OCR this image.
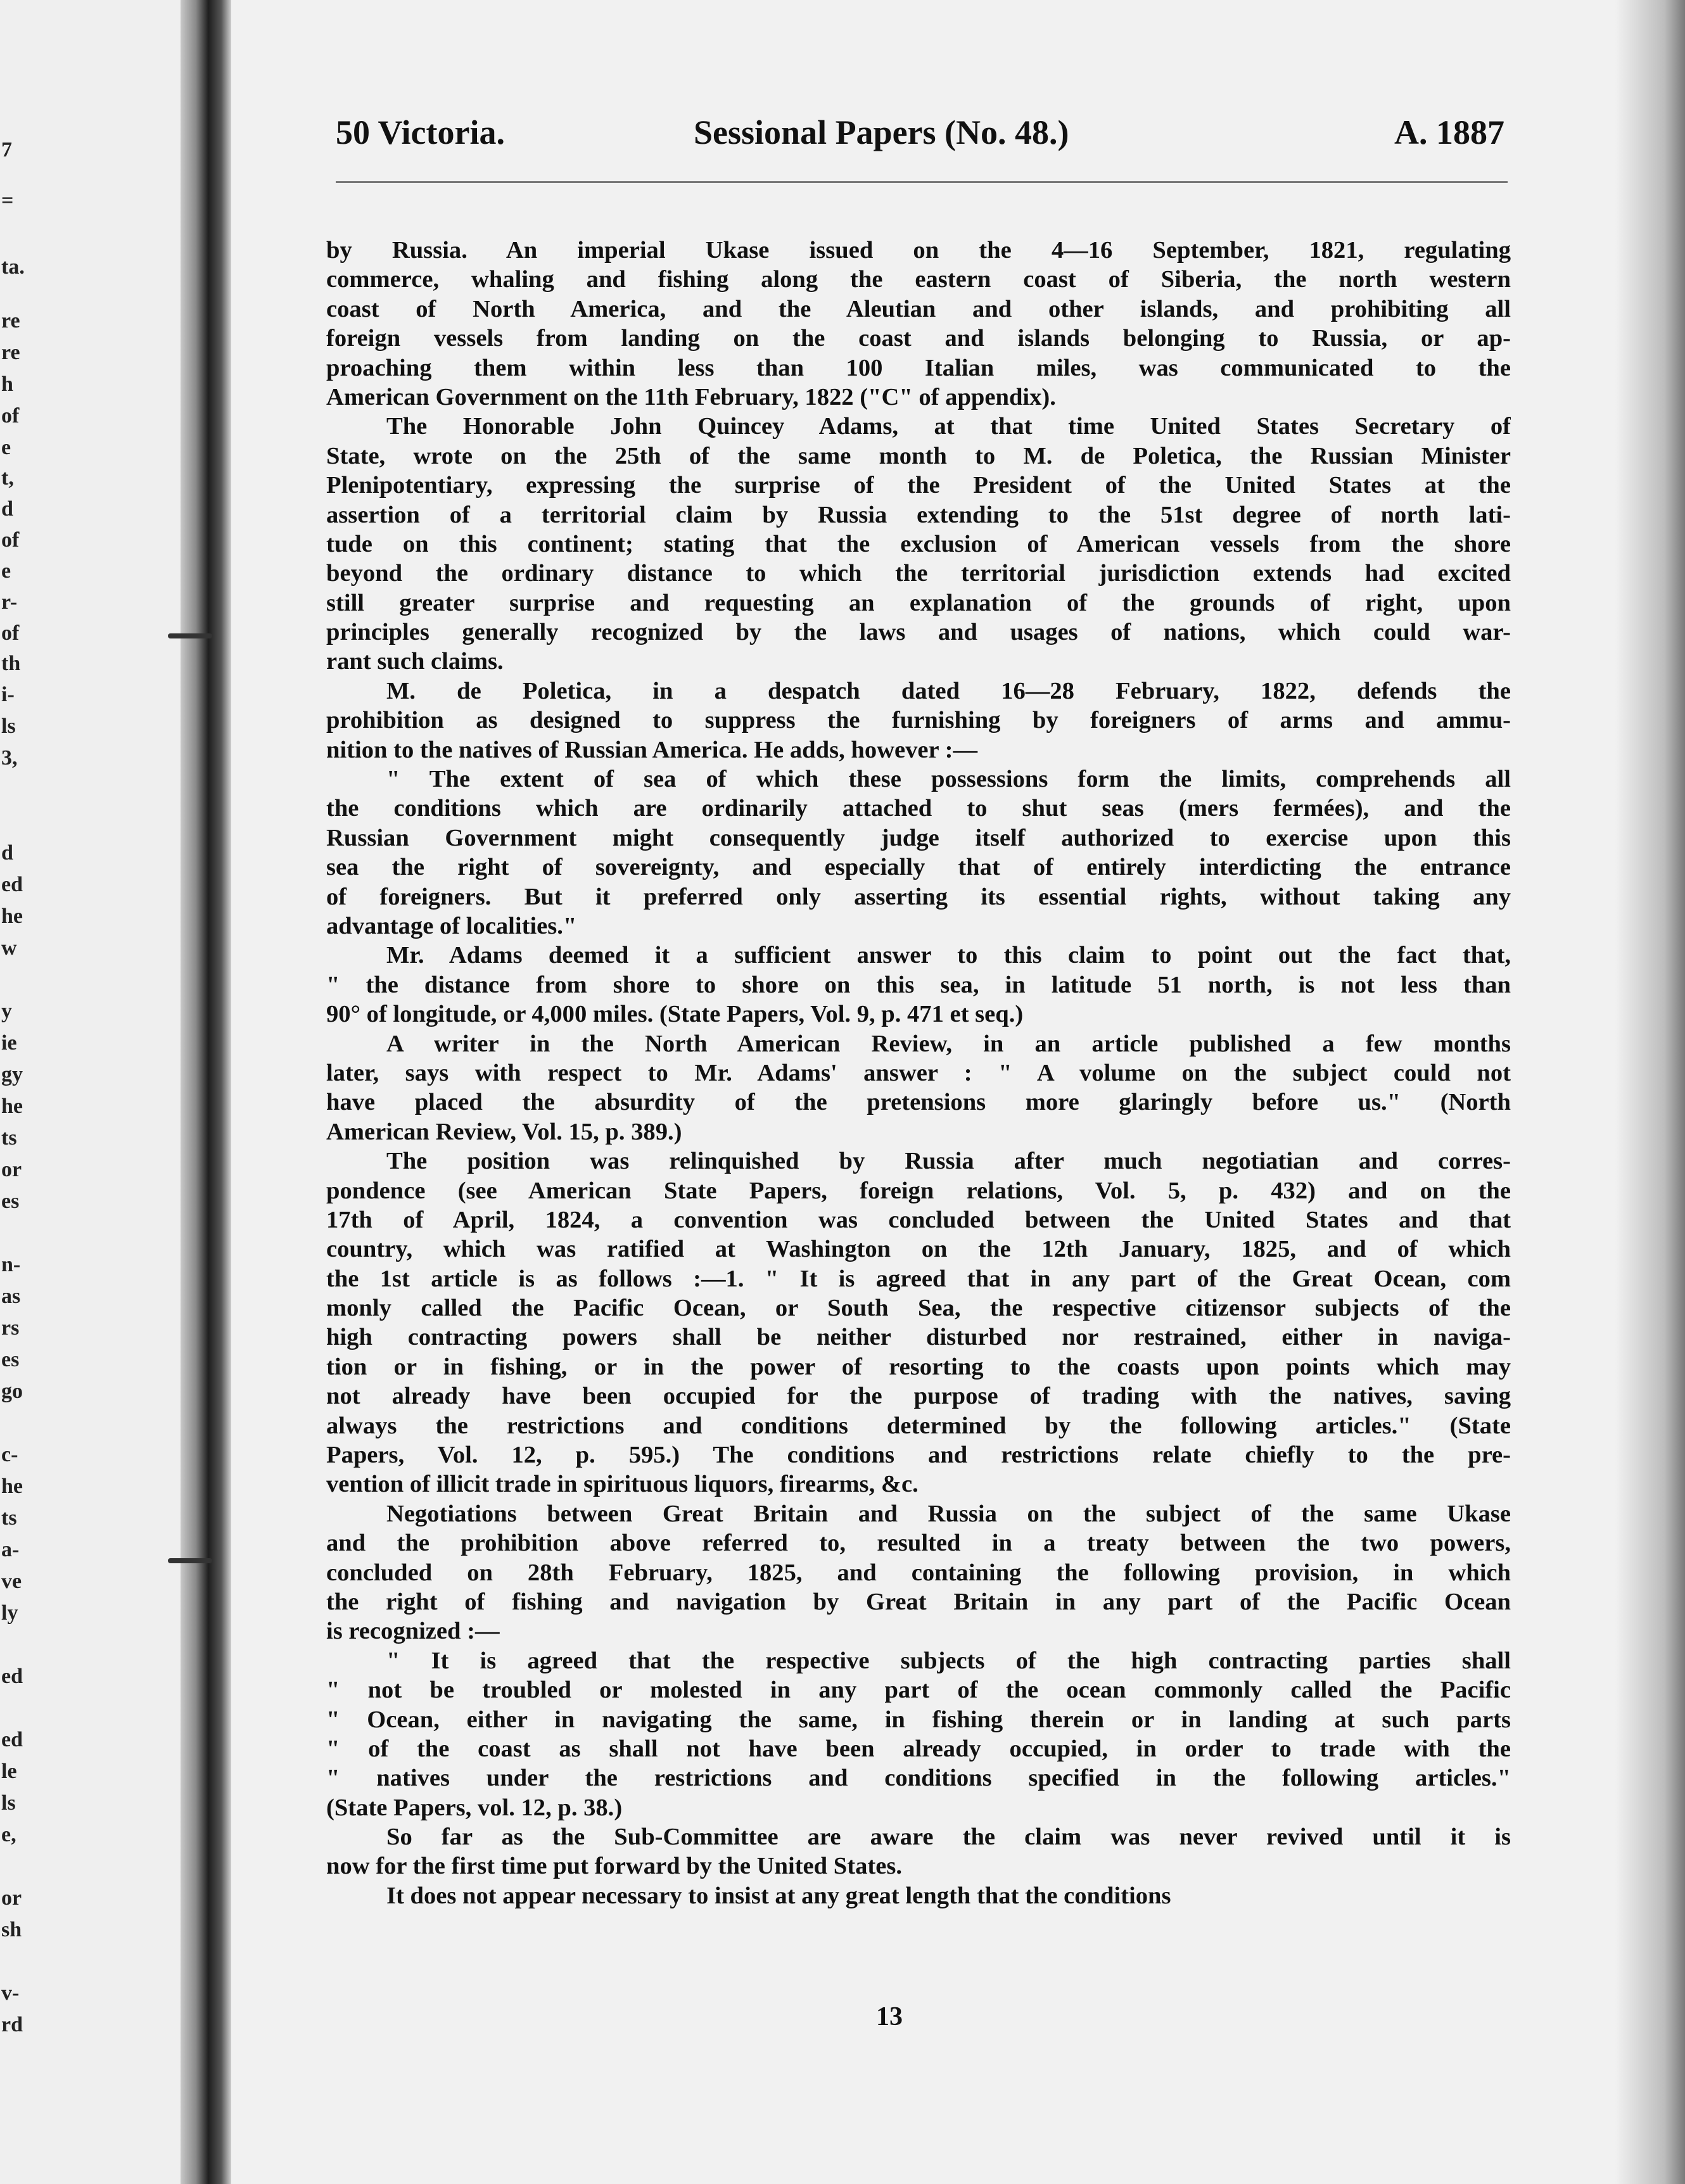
7
=
ta.
re
re
h
of
e
t,
d
of
e
r-
of
th
i-
ls
3,
d
ed
he
w
y
ie
gy
he
ts
or
es
n-
as
rs
es
go
c-
he
ts
a-
ve
ly
ed
ed
le
ls
e,
or
sh
v-
rd
50 Victoria.	Sessional Papers (No. 48.)	A. 1887
by Russia. An imperial Ukase issued on the 4—16 September, 1821, regulating
commerce, whaling and fishing along the eastern coast of Siberia, the north western
coast of North America, and the Aleutian and other islands, and prohibiting all
foreign vessels from landing on the coast and islands belonging to Russia, or ap-
proaching them within less than 100 Italian miles, was communicated to the
American Government on the 11th February, 1822 ("C" of appendix).
The Honorable John Quincey Adams, at that time United States Secretary of
State, wrote on the 25th of the same month to M. de Poletica, the Russian Minister
Plenipotentiary, expressing the surprise of the President of the United States at the
assertion of a territorial claim by Russia extending to the 51st degree of north lati-
tude on this continent; stating that the exclusion of American vessels from the shore
beyond the ordinary distance to which the territorial jurisdiction extends had excited
still greater surprise and requesting an explanation of the grounds of right, upon
principles generally recognized by the laws and usages of nations, which could war-
rant such claims.
M. de Poletica, in a despatch dated 16—28 February, 1822, defends the
prohibition as designed to suppress the furnishing by foreigners of arms and ammu-
nition to the natives of Russian America. He adds, however :—
" The extent of sea of which these possessions form the limits, comprehends all
the conditions which are ordinarily attached to shut seas (mers fermées), and the
Russian Government might consequently judge itself authorized to exercise upon this
sea the right of sovereignty, and especially that of entirely interdicting the entrance
of foreigners. But it preferred only asserting its essential rights, without taking any
advantage of localities."
Mr. Adams deemed it a sufficient answer to this claim to point out the fact that,
" the distance from shore to shore on this sea, in latitude 51 north, is not less than
90° of longitude, or 4,000 miles. (State Papers, Vol. 9, p. 471 et seq.)
A writer in the North American Review, in an article published a few months
later, says with respect to Mr. Adams' answer : " A volume on the subject could not
have placed the absurdity of the pretensions more glaringly before us." (North
American Review, Vol. 15, p. 389.)
The position was relinquished by Russia after much negotiatian and corres-
pondence (see American State Papers, foreign relations, Vol. 5, p. 432) and on the
17th of April, 1824, a convention was concluded between the United States and that
country, which was ratified at Washington on the 12th January, 1825, and of which
the 1st article is as follows :—1. " It is agreed that in any part of the Great Ocean, com
monly called the Pacific Ocean, or South Sea, the respective citizensor subjects of the
high contracting powers shall be neither disturbed nor restrained, either in naviga-
tion or in fishing, or in the power of resorting to the coasts upon points which may
not already have been occupied for the purpose of trading with the natives, saving
always the restrictions and conditions determined by the following articles." (State
Papers, Vol. 12, p. 595.) The conditions and restrictions relate chiefly to the pre-
vention of illicit trade in spirituous liquors, firearms, &c.
Negotiations between Great Britain and Russia on the subject of the same Ukase
and the prohibition above referred to, resulted in a treaty between the two powers,
concluded on 28th February, 1825, and containing the following provision, in which
the right of fishing and navigation by Great Britain in any part of the Pacific Ocean
is recognized :—
" It is agreed that the respective subjects of the high contracting parties shall
" not be troubled or molested in any part of the ocean commonly called the Pacific
" Ocean, either in navigating the same, in fishing therein or in landing at such parts
" of the coast as shall not have been already occupied, in order to trade with the
" natives under the restrictions and conditions specified in the following articles."
(State Papers, vol. 12, p. 38.)
So far as the Sub-Committee are aware the claim was never revived until it is
now for the first time put forward by the United States.
It does not appear necessary to insist at any great length that the conditions
13
